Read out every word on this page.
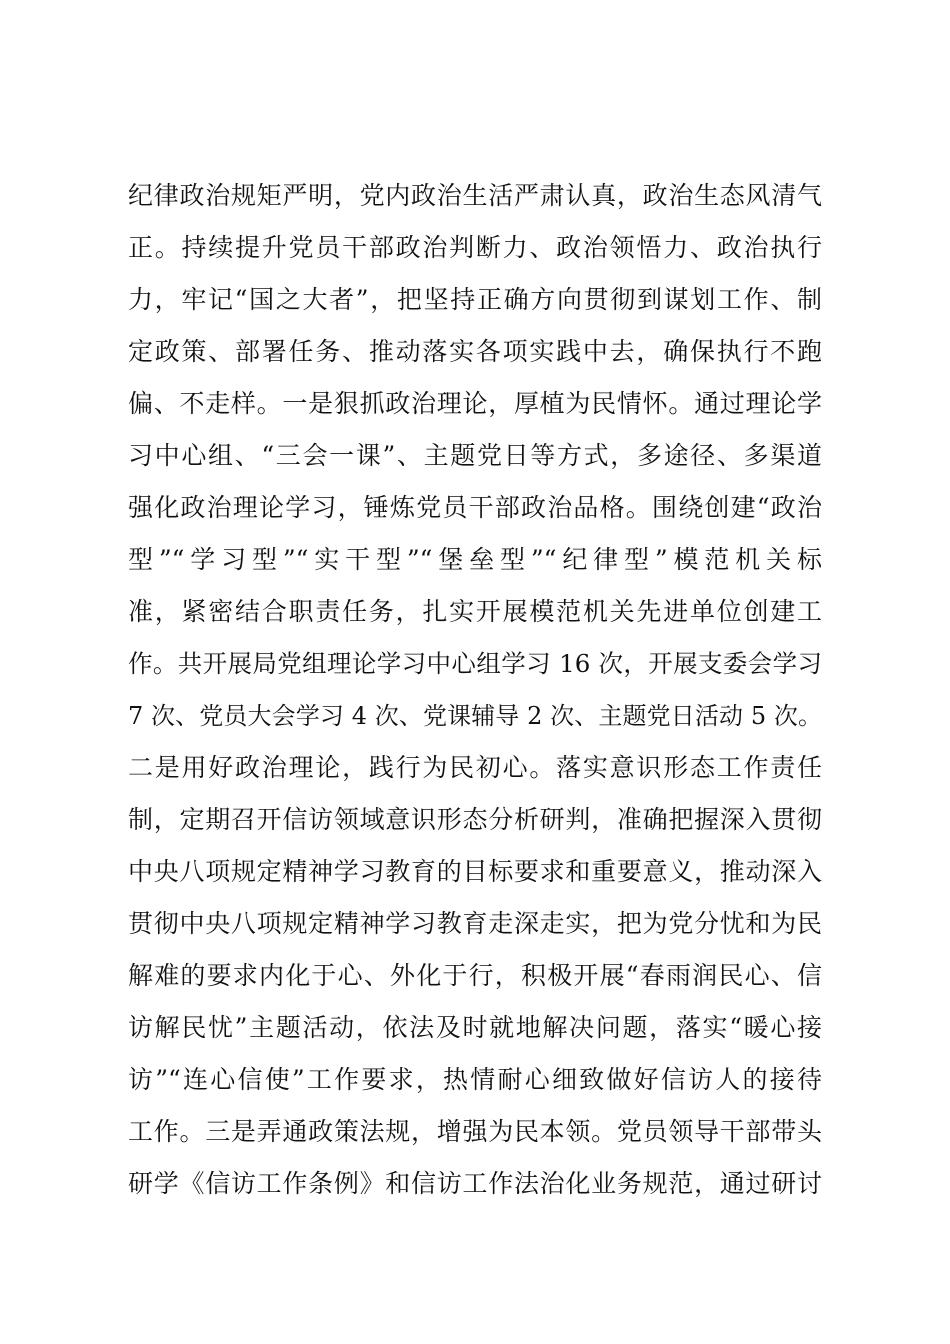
纪律政治规矩严明，党内政治生活严肃认真，政治生态风清气
正。持续提升党员干部政治判断力、政治领悟力、政治执行
力，牢记“国之大者”，把坚持正确方向贯彻到谋划工作、制
定政策、部署任务、推动落实各项实践中去，确保执行不跑
偏、不走样。一是狠抓政治理论，厚植为民情怀。通过理论学
习中心组、“三会一课”、主题党日等方式，多途径、多渠道
强化政治理论学习，锤炼党员干部政治品格。围绕创建“政治
型”“学习型”“实干型”“堡垒型”“纪律型”模范机关标
准，紧密结合职责任务，扎实开展模范机关先进单位创建工
作。共开展局党组理论学习中心组学习 16 次，开展支委会学习
7 次、党员大会学习 4 次、党课辅导 2 次、主题党日活动 5 次。
二是用好政治理论，践行为民初心。落实意识形态工作责任
制，定期召开信访领域意识形态分析研判，准确把握深入贯彻
中央八项规定精神学习教育的目标要求和重要意义，推动深入
贯彻中央八项规定精神学习教育走深走实，把为党分忧和为民
解难的要求内化于心、外化于行，积极开展“春雨润民心、信
访解民忧”主题活动，依法及时就地解决问题，落实“暖心接
访”“连心信使”工作要求，热情耐心细致做好信访人的接待
工作。三是弄通政策法规，增强为民本领。党员领导干部带头
研学《信访工作条例》和信访工作法治化业务规范，通过研讨
